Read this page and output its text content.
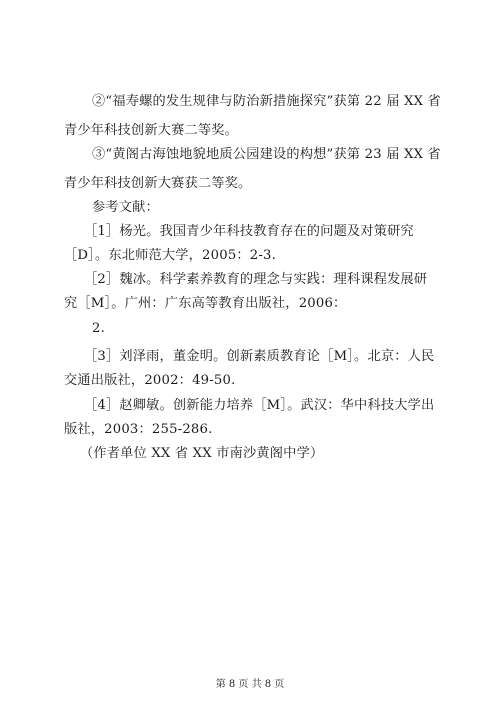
②“福寿螺的发生规律与防治新措施探究”获第 22 届 XX 省
青少年科技创新大赛二等奖。
③“黄阁古海蚀地貌地质公园建设的构想”获第 23 届 XX 省
青少年科技创新大赛获二等奖。
参考文献：
［1］杨光。我国青少年科技教育存在的问题及对策研究
［D］。东北师范大学，2005：2-3.
［2］魏冰。科学素养教育的理念与实践：理科课程发展研
究［M］。广州：广东高等教育出版社，2006：
2.
［3］刘泽雨，董金明。创新素质教育论［M］。北京：人民
交通出版社，2002：49-50.
［4］赵卿敏。创新能力培养［M］。武汉：华中科技大学出
版社，2003：255-286.
（作者单位 XX 省 XX 市南沙黄阁中学）
第 8 页 共 8 页
